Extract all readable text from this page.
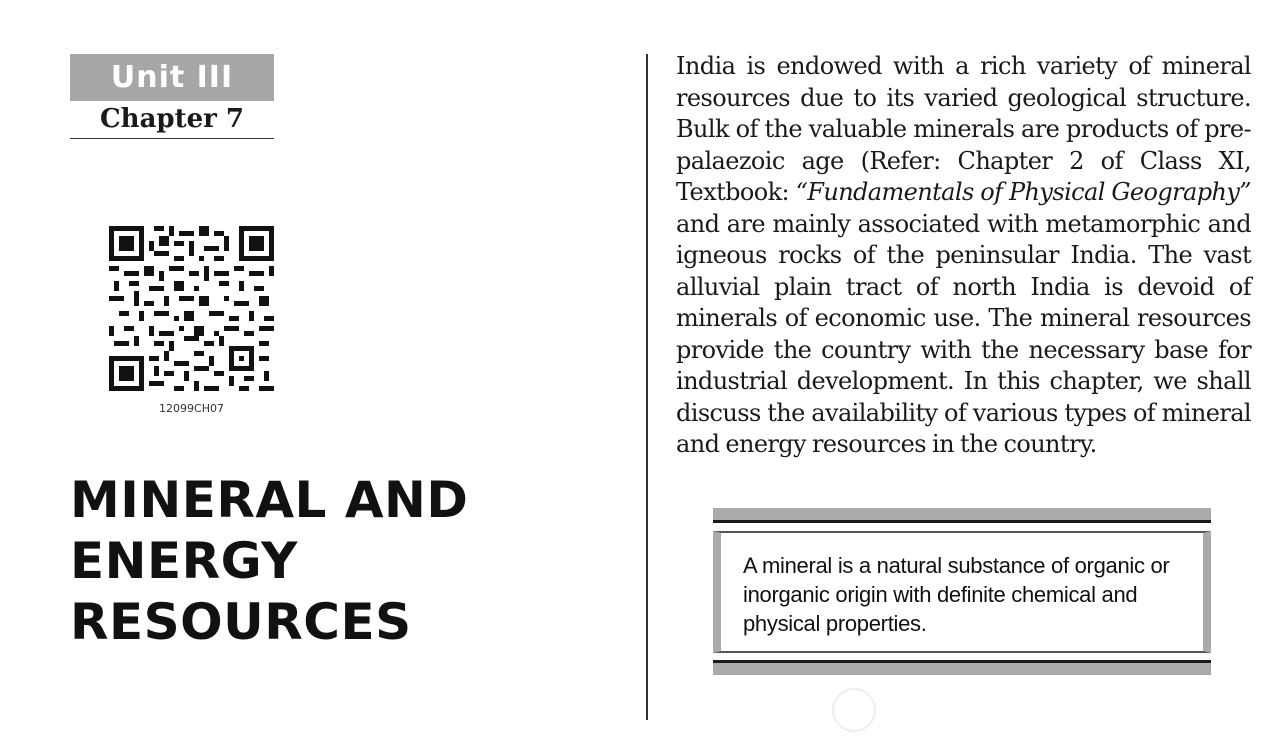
Unit III
Chapter 7
12099CH07
MINERAL AND
ENERGY
RESOURCES
India is endowed with a rich variety of mineral resources due to its varied geological structure. Bulk of the valuable minerals are products of pre-palaezoic age (Refer: Chapter 2 of Class XI, Textbook: “Fundamentals of Physical Geography” and are mainly associated with metamorphic and igneous rocks of the peninsular India. The vast alluvial plain tract of north India is devoid of minerals of economic use. The mineral resources provide the country with the necessary base for industrial development. In this chapter, we shall discuss the availability of various types of mineral and energy resources in the country.
A mineral is a natural substance of organic or inorganic origin with definite chemical and physical properties.
